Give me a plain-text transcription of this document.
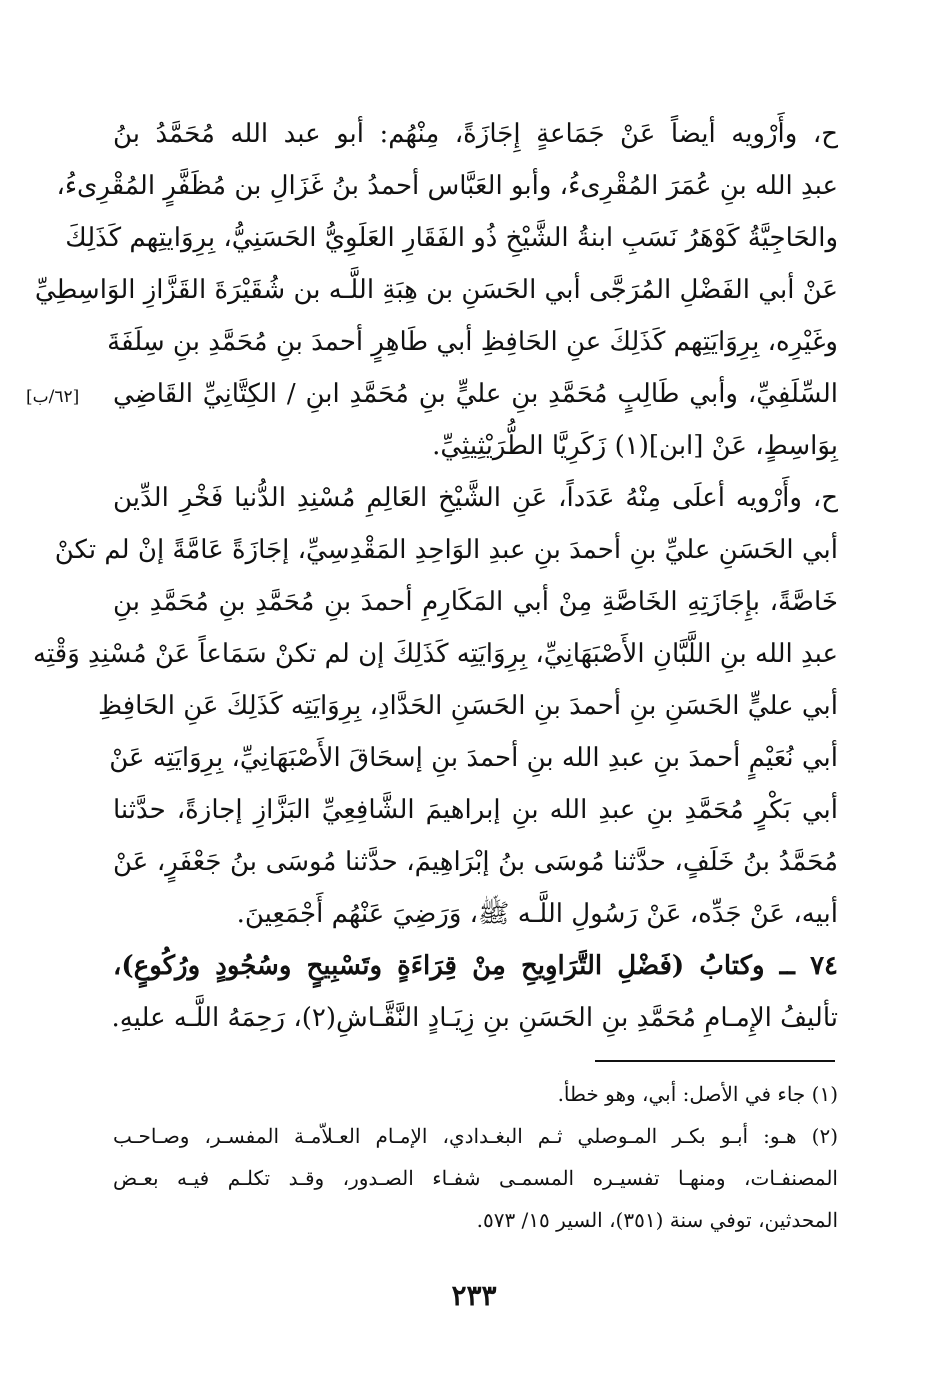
ح، وأَرْويه أيضاً عَنْ جَمَاعةٍ إِجَازَةً، مِنْهُم: أبو عبد الله مُحَمَّدُ بنُ
عبدِ الله بنِ عُمَرَ المُقْرِىءُ، وأبو العَبَّاس أحمدُ بنُ غَزَالِ بن مُظَفَّرٍ المُقْرِىءُ،
والحَاجِيَّةُ كَوْهَرُ نَسَبِ ابنةُ الشَّيْخِ ذُو الفَقَارِ العَلَوِيُّ الحَسَنِيُّ، بِرِوَايتِهم كَذَلِكَ
عَنْ أبي الفَضْلِ المُرَجَّى أبي الحَسَنِ بن هِبَةِ اللَّـه بن شُقَيْرَةَ القَزَّازِ الوَاسِطِيِّ
وغَيْرِه، بِرِوَايَتِهم كَذَلِكَ عنِ الحَافِظِ أبي طَاهِرٍ أحمدَ بنِ مُحَمَّدِ بنِ سِلَفَةَ
السِّلَفِيِّ، وأبي طَالِبٍ مُحَمَّدِ بنِ عليٍّ بنِ مُحَمَّدِ ابنِ / الكِتَّانِيِّ القَاضِي
بِوَاسِطٍ، عَنْ [ابن](١) زَكَرِيَّا الطُّرَيْثِيثِيِّ.
[٦٢/ب]
ح، وأَرْويه أعلَى مِنْهُ عَدَداً، عَنِ الشَّيْخِ العَالِمِ مُسْنِدِ الدُّنيا فَخْرِ الدِّين
أبي الحَسَنِ عليِّ بنِ أحمدَ بنِ عبدِ الوَاحِدِ المَقْدِسِيِّ، إجَازَةً عَامَّةً إنْ لم تكنْ
خَاصَّةً، بإِجَازَتِهِ الخَاصَّةِ مِنْ أبي المَكَارِمِ أحمدَ بنِ مُحَمَّدِ بنِ مُحَمَّدِ بنِ
عبدِ الله بنِ اللَّبَّانِ الأَصْبَهَانِيِّ، بِرِوَايَتِه كَذَلِكَ إن لم تكنْ سَمَاعاً عَنْ مُسْنِدِ وَقْتِه
أبي عليٍّ الحَسَنِ بنِ أحمدَ بنِ الحَسَنِ الحَدَّادِ، بِرِوَايَتِه كَذَلِكَ عَنِ الحَافِظِ
أبي نُعَيْمٍ أحمدَ بنِ عبدِ الله بنِ أحمدَ بنِ إسحَاقَ الأَصْبَهَانِيِّ، بِرِوَايَتِه عَنْ
أبي بَكْرٍ مُحَمَّدِ بنِ عبدِ الله بنِ إبراهيمَ الشَّافِعِيِّ البَزَّازِ إجازةً، حدَّثنا
مُحَمَّدُ بنُ خَلَفٍ، حدَّثنا مُوسَى بنُ إبْرَاهِيمَ، حدَّثنا مُوسَى بنُ جَعْفَرٍ، عَنْ
أبيه، عَنْ جَدِّه، عَنْ رَسُولِ اللَّـه ﷺ، وَرَضِيَ عَنْهُم أَجْمَعِينَ.
٧٤ ــ وكتابُ (فَضْلِ التَّرَاوِيحِ مِنْ قِرَاءَةٍ وتَسْبِيحٍ وسُجُودٍ ورُكُوعٍ)،
تأليفُ الإِمـامِ مُحَمَّدِ بنِ الحَسَنِ بنِ زِيَـادٍ النَّقَّـاشِ(٢)، رَحِمَهُ اللَّـه عليهِ.
(١) جاء في الأصل: أبي، وهو خطأ.
(٢) هـو: أبـو بكـر المـوصلي ثـم البغـدادي، الإمـام العـلاّمـة المفسـر، وصـاحـب
المصنفـات، ومنهـا تفسيـره المسمـى شفـاء الصـدور، وقـد تكلـم فيـه بعـض
المحدثين، توفي سنة (٣٥١)، السير ١٥/ ٥٧٣.
٢٣٣
